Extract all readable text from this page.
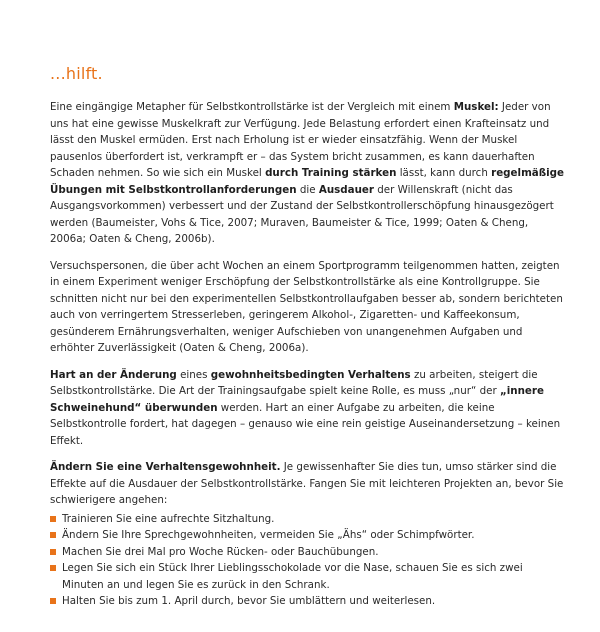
...hilft.

Eine eingängige Metapher für Selbstkontrollstärke ist der Vergleich mit einem Muskel: Jeder von uns hat eine gewisse Muskelkraft zur Verfügung. Jede Belastung erfordert einen Krafteinsatz und lässt den Muskel ermüden. Erst nach Erholung ist er wieder einsatzfähig. Wenn der Muskel pausenlos überfordert ist, verkrampft er – das System bricht zusammen, es kann dauerhaften Schaden nehmen. So wie sich ein Muskel durch Training stärken lässt, kann durch regelmäßige Übungen mit Selbstkontrollanforderungen die Ausdauer der Willenskraft (nicht das Ausgangsvorkommen) verbessert und der Zustand der Selbstkontrollerschöpfung hinausgezögert werden (Baumeister, Vohs & Tice, 2007; Muraven, Baumeister & Tice, 1999; Oaten & Cheng, 2006a; Oaten & Cheng, 2006b).

Versuchspersonen, die über acht Wochen an einem Sportprogramm teilgenommen hatten, zeigten in einem Experiment weniger Erschöpfung der Selbstkontrollstärke als eine Kontrollgruppe. Sie schnitten nicht nur bei den experimentellen Selbstkontrollaufgaben besser ab, sondern berichteten auch von verringertem Stresserleben, geringerem Alkohol-, Zigaretten- und Kaffeekonsum, gesünderem Ernährungsverhalten, weniger Aufschieben von unangenehmen Aufgaben und erhöhter Zuverlässigkeit (Oaten & Cheng, 2006a).

Hart an der Änderung eines gewohnheitsbedingten Verhaltens zu arbeiten, steigert die Selbstkontrollstärke. Die Art der Trainingsaufgabe spielt keine Rolle, es muss „nur“ der „innere Schweinehund“ überwunden werden. Hart an einer Aufgabe zu arbeiten, die keine Selbstkontrolle fordert, hat dagegen – genauso wie eine rein geistige Auseinandersetzung – keinen Effekt.

Ändern Sie eine Verhaltensgewohnheit. Je gewissenhafter Sie dies tun, umso stärker sind die Effekte auf die Ausdauer der Selbstkontrollstärke. Fangen Sie mit leichteren Projekten an, bevor Sie schwierigere angehen:

Trainieren Sie eine aufrechte Sitzhaltung.
Ändern Sie Ihre Sprechgewohnheiten, vermeiden Sie „Ähs“ oder Schimpfwörter.
Machen Sie drei Mal pro Woche Rücken- oder Bauchübungen.
Legen Sie sich ein Stück Ihrer Lieblingsschokolade vor die Nase, schauen Sie es sich zwei Minuten an und legen Sie es zurück in den Schrank.
Halten Sie bis zum 1. April durch, bevor Sie umblättern und weiterlesen.
